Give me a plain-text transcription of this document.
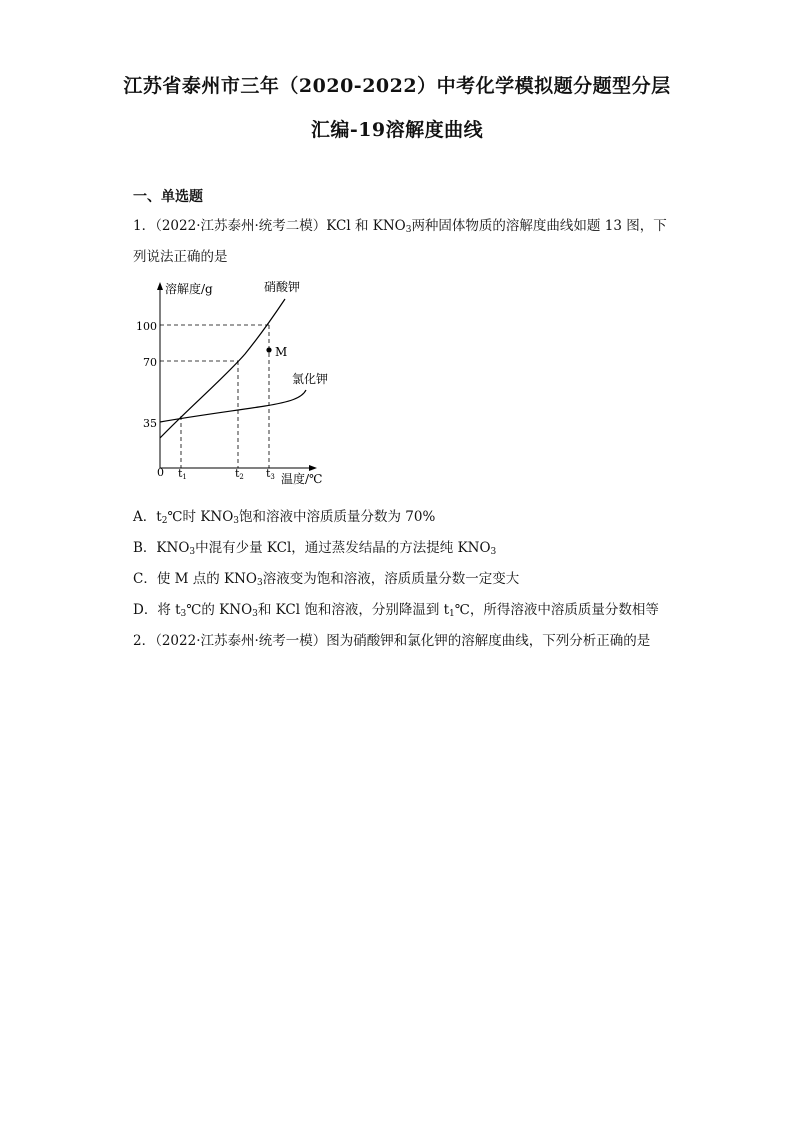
江苏省泰州市三年（2020-2022）中考化学模拟题分题型分层
汇编-19溶解度曲线
一、单选题
1．（2022·江苏泰州·统考二模）KCl 和 $KNO_3$两种固体物质的溶解度曲线如题 13 图，下
列说法正确的是
M
溶解度/g	硝酸钾
氯化钾
100
70
35
0 t1	t2 t3 温度/℃
A．$t_2℃$时 $KNO_3$饱和溶液中溶质质量分数为 70%
B．$KNO_3$中混有少量 KCl，通过蒸发结晶的方法提纯 $KNO_3$
C．使 M 点的 $KNO_3$溶液变为饱和溶液，溶质质量分数一定变大
D．将 $t_3℃$的 $KNO_3$和 KCl 饱和溶液，分别降温到 $t_1℃$，所得溶液中溶质质量分数相等
2．（2022·江苏泰州·统考一模）图为硝酸钾和氯化钾的溶解度曲线，下列分析正确的是
